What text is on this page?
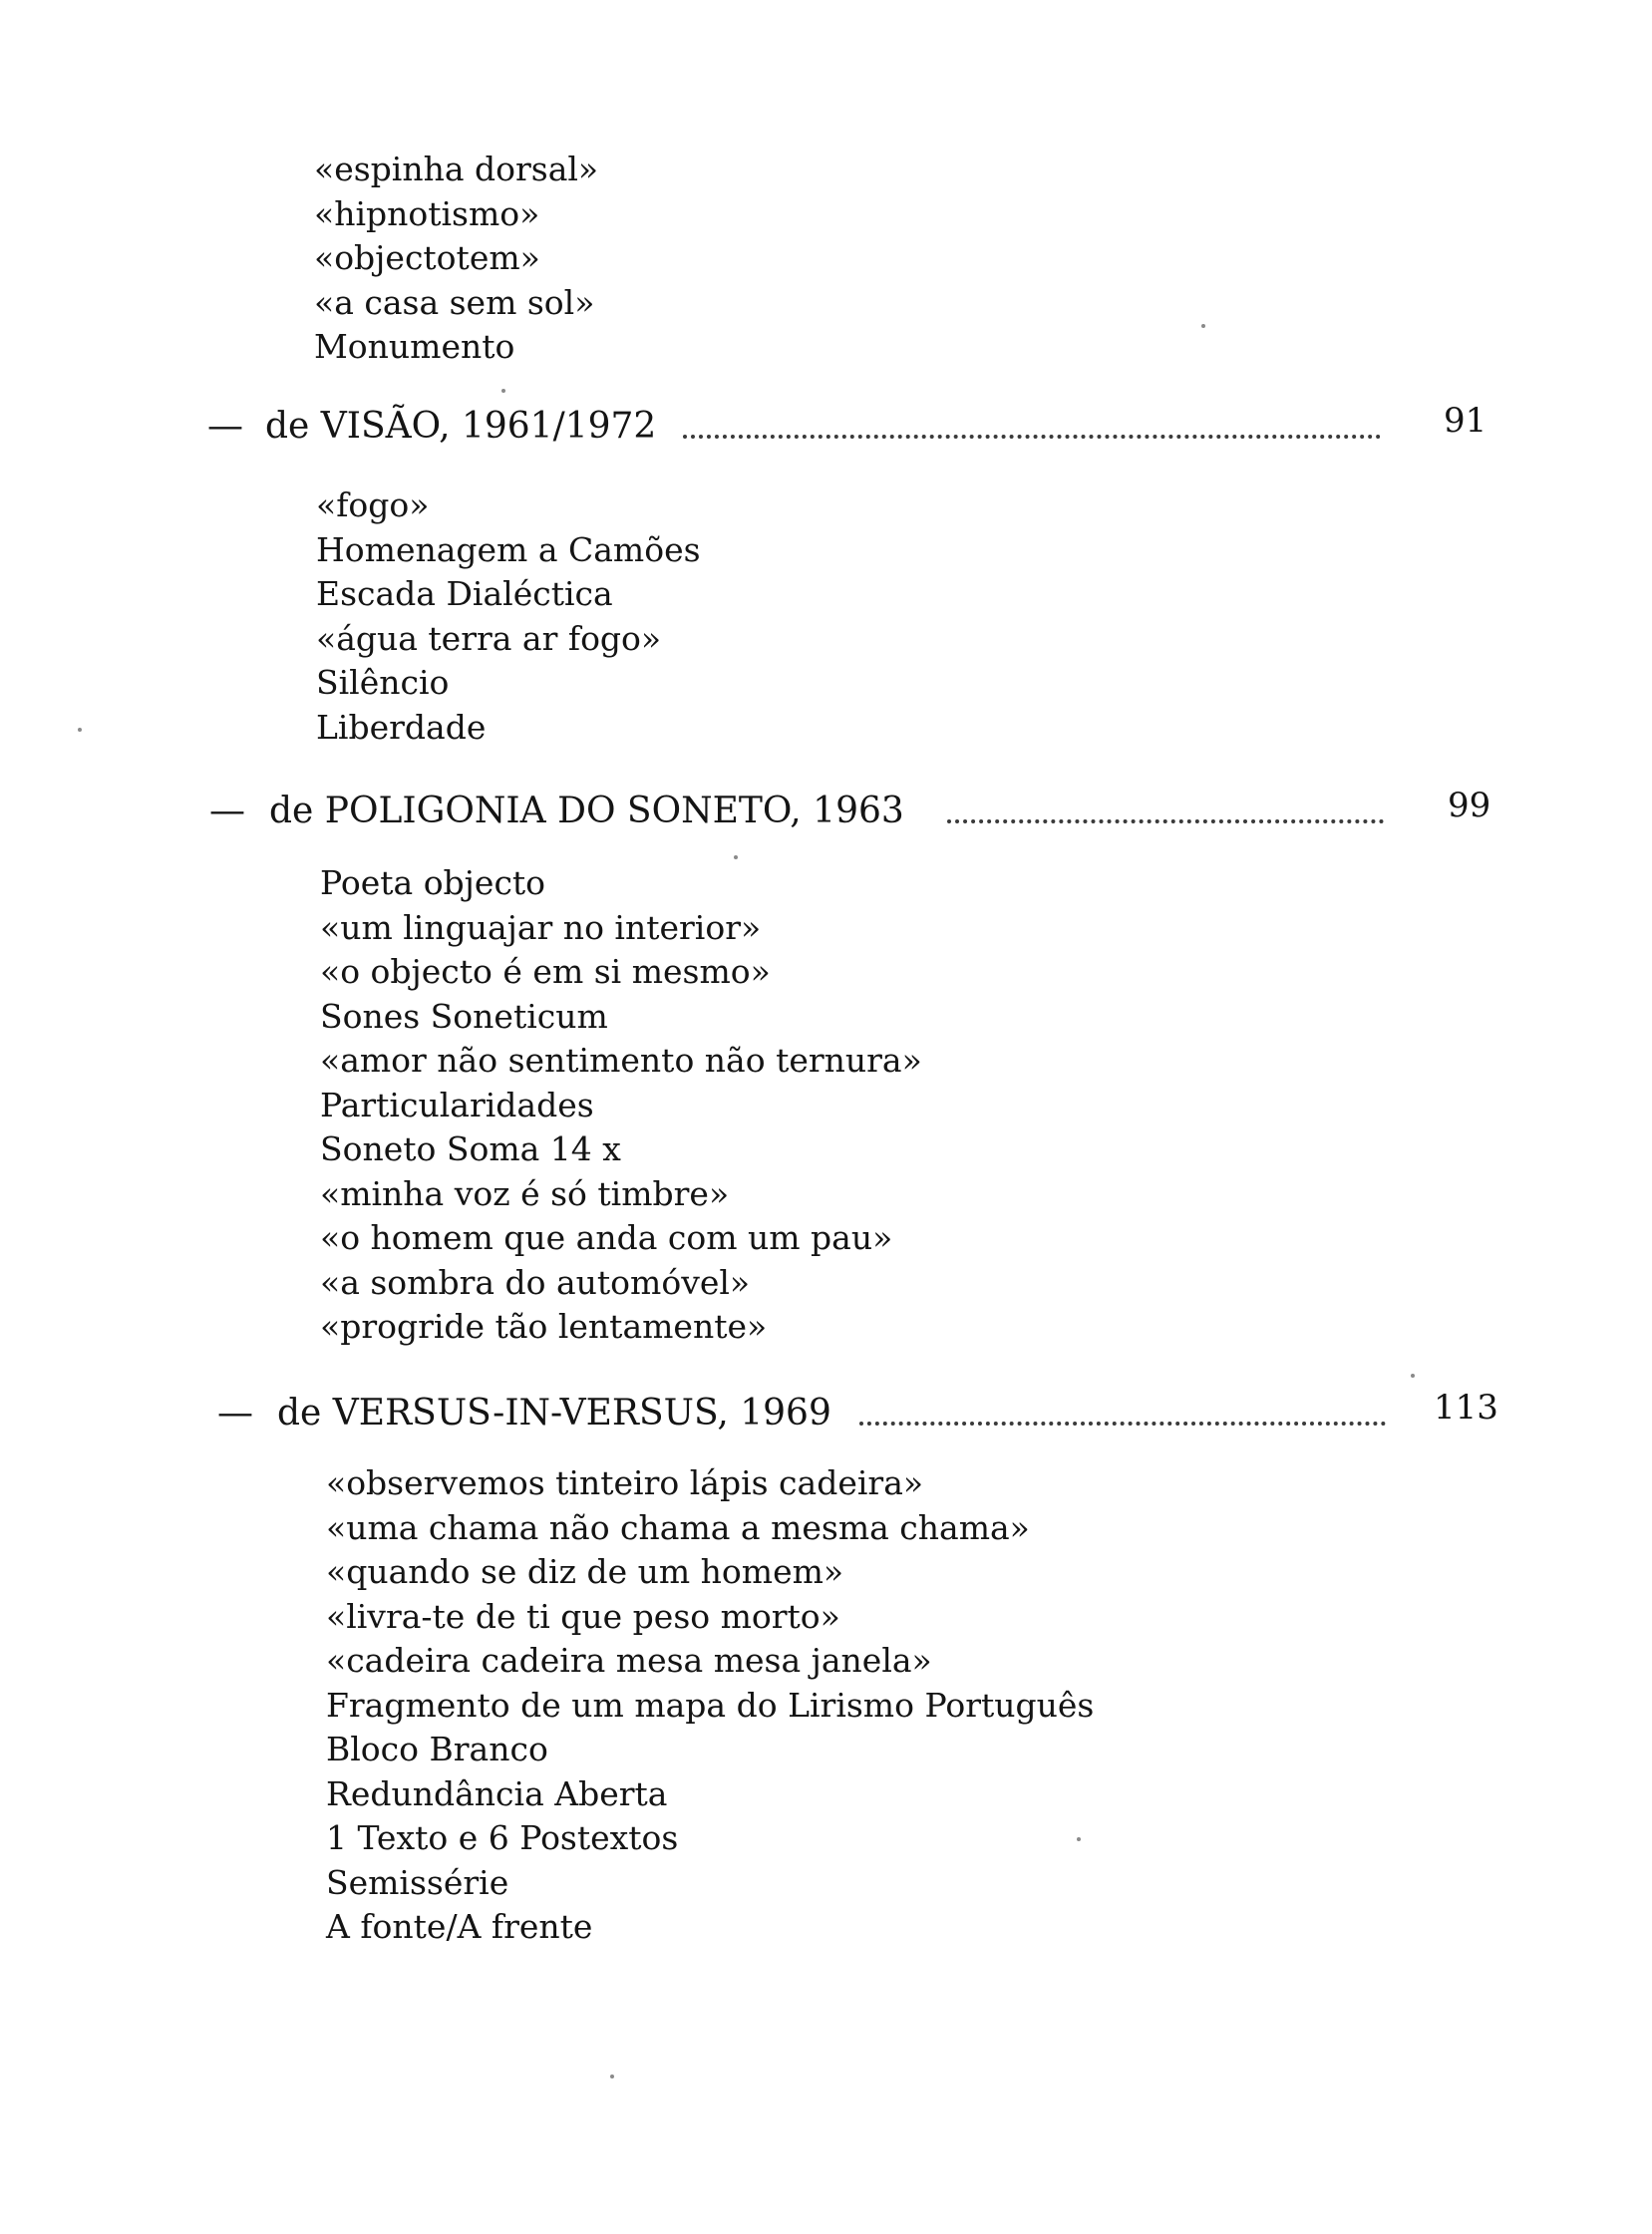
«espinha dorsal»
«hipnotismo»
«objectotem»
«a casa sem sol»
Monumento
— de VISÃO, 1961/1972	91
«fogo»
Homenagem a Camões
Escada Dialéctica
«água terra ar fogo»
Silêncio
Liberdade
— de POLIGONIA DO SONETO, 1963	99
Poeta objecto
«um linguajar no interior»
«o objecto é em si mesmo»
Sones Soneticum
«amor não sentimento não ternura»
Particularidades
Soneto Soma 14 x
«minha voz é só timbre»
«o homem que anda com um pau»
«a sombra do automóvel»
«progride tão lentamente»
— de VERSUS-IN-VERSUS, 1969	113
«observemos tinteiro lápis cadeira»
«uma chama não chama a mesma chama»
«quando se diz de um homem»
«livra-te de ti que peso morto»
«cadeira cadeira mesa mesa janela»
Fragmento de um mapa do Lirismo Português
Bloco Branco
Redundância Aberta
1 Texto e 6 Postextos
Semissérie
A fonte/A frente
